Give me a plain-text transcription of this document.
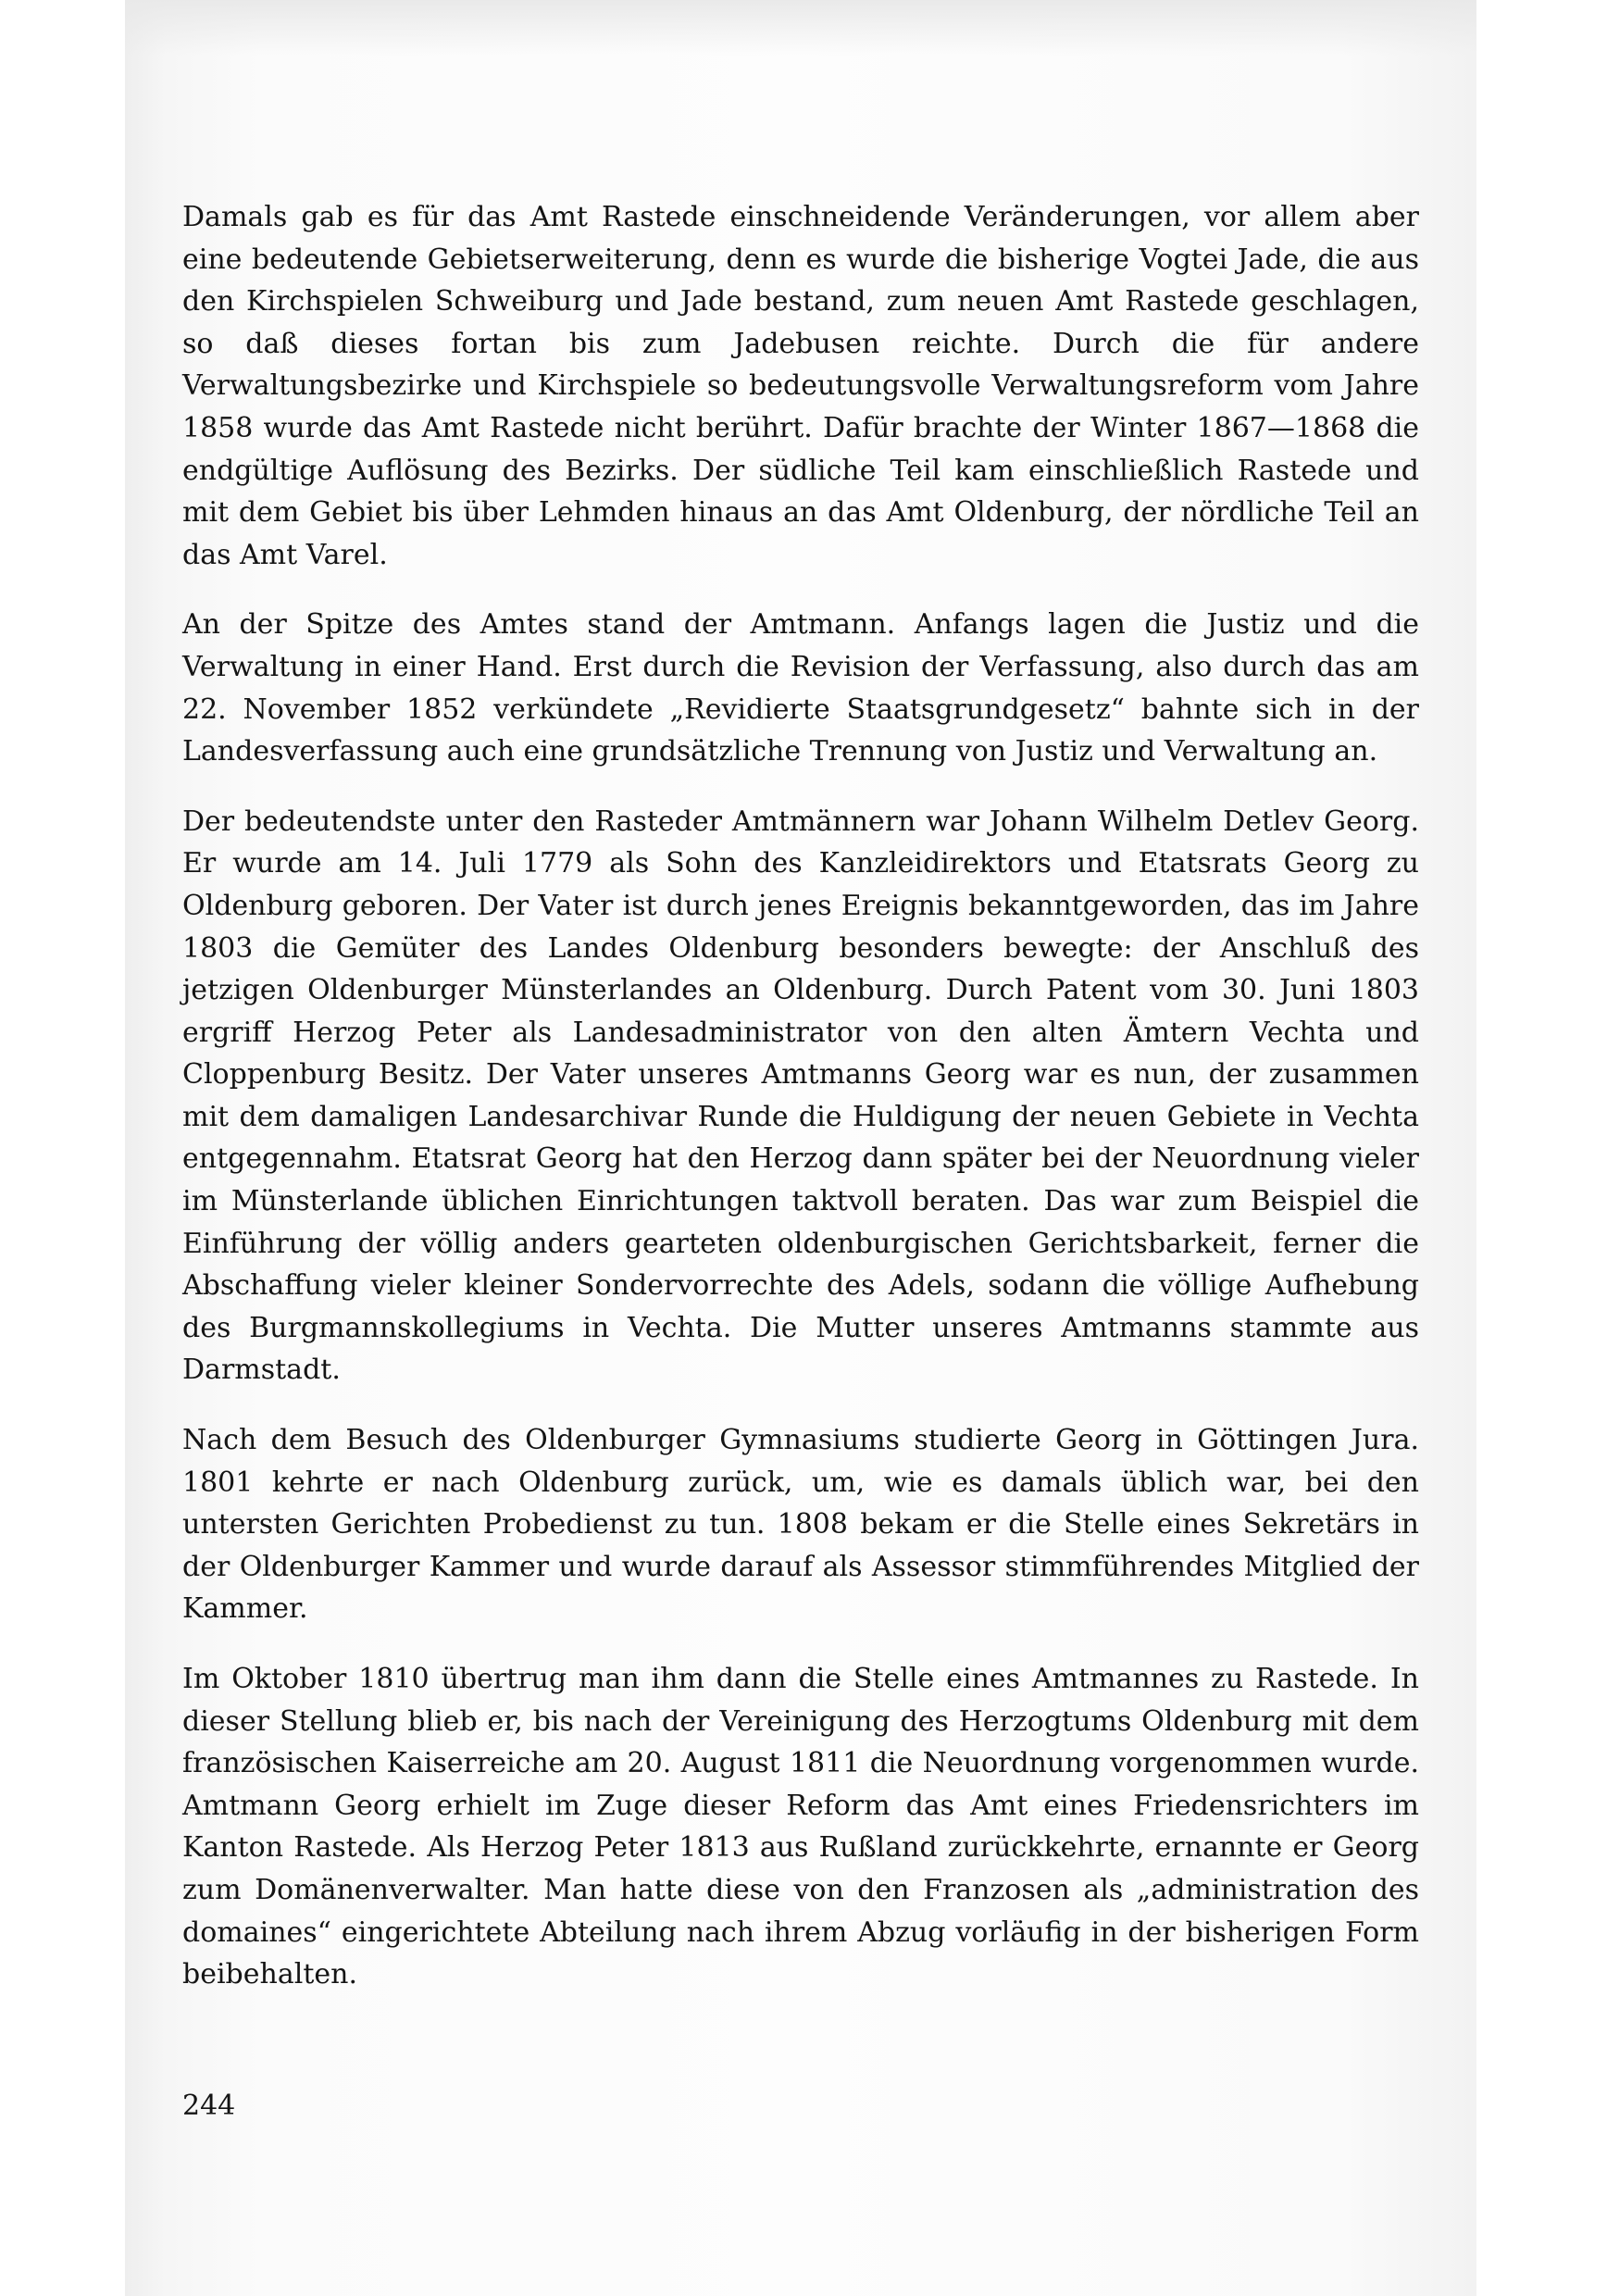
Damals gab es für das Amt Rastede einschneidende Veränderungen, vor allem aber eine bedeutende Gebietserweiterung, denn es wurde die bisherige Vogtei Jade, die aus den Kirchspielen Schweiburg und Jade bestand, zum neuen Amt Rastede geschlagen, so daß dieses fortan bis zum Jadebusen reichte. Durch die für andere Verwaltungsbezirke und Kirchspiele so bedeutungsvolle Verwaltungsreform vom Jahre 1858 wurde das Amt Rastede nicht berührt. Dafür brachte der Winter 1867—1868 die endgültige Auflösung des Bezirks. Der südliche Teil kam einschließlich Rastede und mit dem Gebiet bis über Lehmden hinaus an das Amt Oldenburg, der nördliche Teil an das Amt Varel.

An der Spitze des Amtes stand der Amtmann. Anfangs lagen die Justiz und die Verwaltung in einer Hand. Erst durch die Revision der Verfassung, also durch das am 22. November 1852 verkündete „Revidierte Staatsgrundgesetz“ bahnte sich in der Landesverfassung auch eine grundsätzliche Trennung von Justiz und Verwaltung an.

Der bedeutendste unter den Rasteder Amtmännern war Johann Wilhelm Detlev Georg. Er wurde am 14. Juli 1779 als Sohn des Kanzleidirektors und Etatsrats Georg zu Oldenburg geboren. Der Vater ist durch jenes Ereignis bekanntgeworden, das im Jahre 1803 die Gemüter des Landes Oldenburg besonders bewegte: der Anschluß des jetzigen Oldenburger Münsterlandes an Oldenburg. Durch Patent vom 30. Juni 1803 ergriff Herzog Peter als Landesadministrator von den alten Ämtern Vechta und Cloppenburg Besitz. Der Vater unseres Amtmanns Georg war es nun, der zusammen mit dem damaligen Landesarchivar Runde die Huldigung der neuen Gebiete in Vechta entgegennahm. Etatsrat Georg hat den Herzog dann später bei der Neuordnung vieler im Münsterlande üblichen Einrichtungen taktvoll beraten. Das war zum Beispiel die Einführung der völlig anders gearteten oldenburgischen Gerichtsbarkeit, ferner die Abschaffung vieler kleiner Sondervorrechte des Adels, sodann die völlige Aufhebung des Burgmannskollegiums in Vechta. Die Mutter unseres Amtmanns stammte aus Darmstadt.

Nach dem Besuch des Oldenburger Gymnasiums studierte Georg in Göttingen Jura. 1801 kehrte er nach Oldenburg zurück, um, wie es damals üblich war, bei den untersten Gerichten Probedienst zu tun. 1808 bekam er die Stelle eines Sekretärs in der Oldenburger Kammer und wurde darauf als Assessor stimmführendes Mitglied der Kammer.

Im Oktober 1810 übertrug man ihm dann die Stelle eines Amtmannes zu Rastede. In dieser Stellung blieb er, bis nach der Vereinigung des Herzogtums Oldenburg mit dem französischen Kaiserreiche am 20. August 1811 die Neuordnung vorgenommen wurde. Amtmann Georg erhielt im Zuge dieser Reform das Amt eines Friedensrichters im Kanton Rastede. Als Herzog Peter 1813 aus Rußland zurückkehrte, ernannte er Georg zum Domänenverwalter. Man hatte diese von den Franzosen als „administration des domaines“ eingerichtete Abteilung nach ihrem Abzug vorläufig in der bisherigen Form beibehalten.

244
